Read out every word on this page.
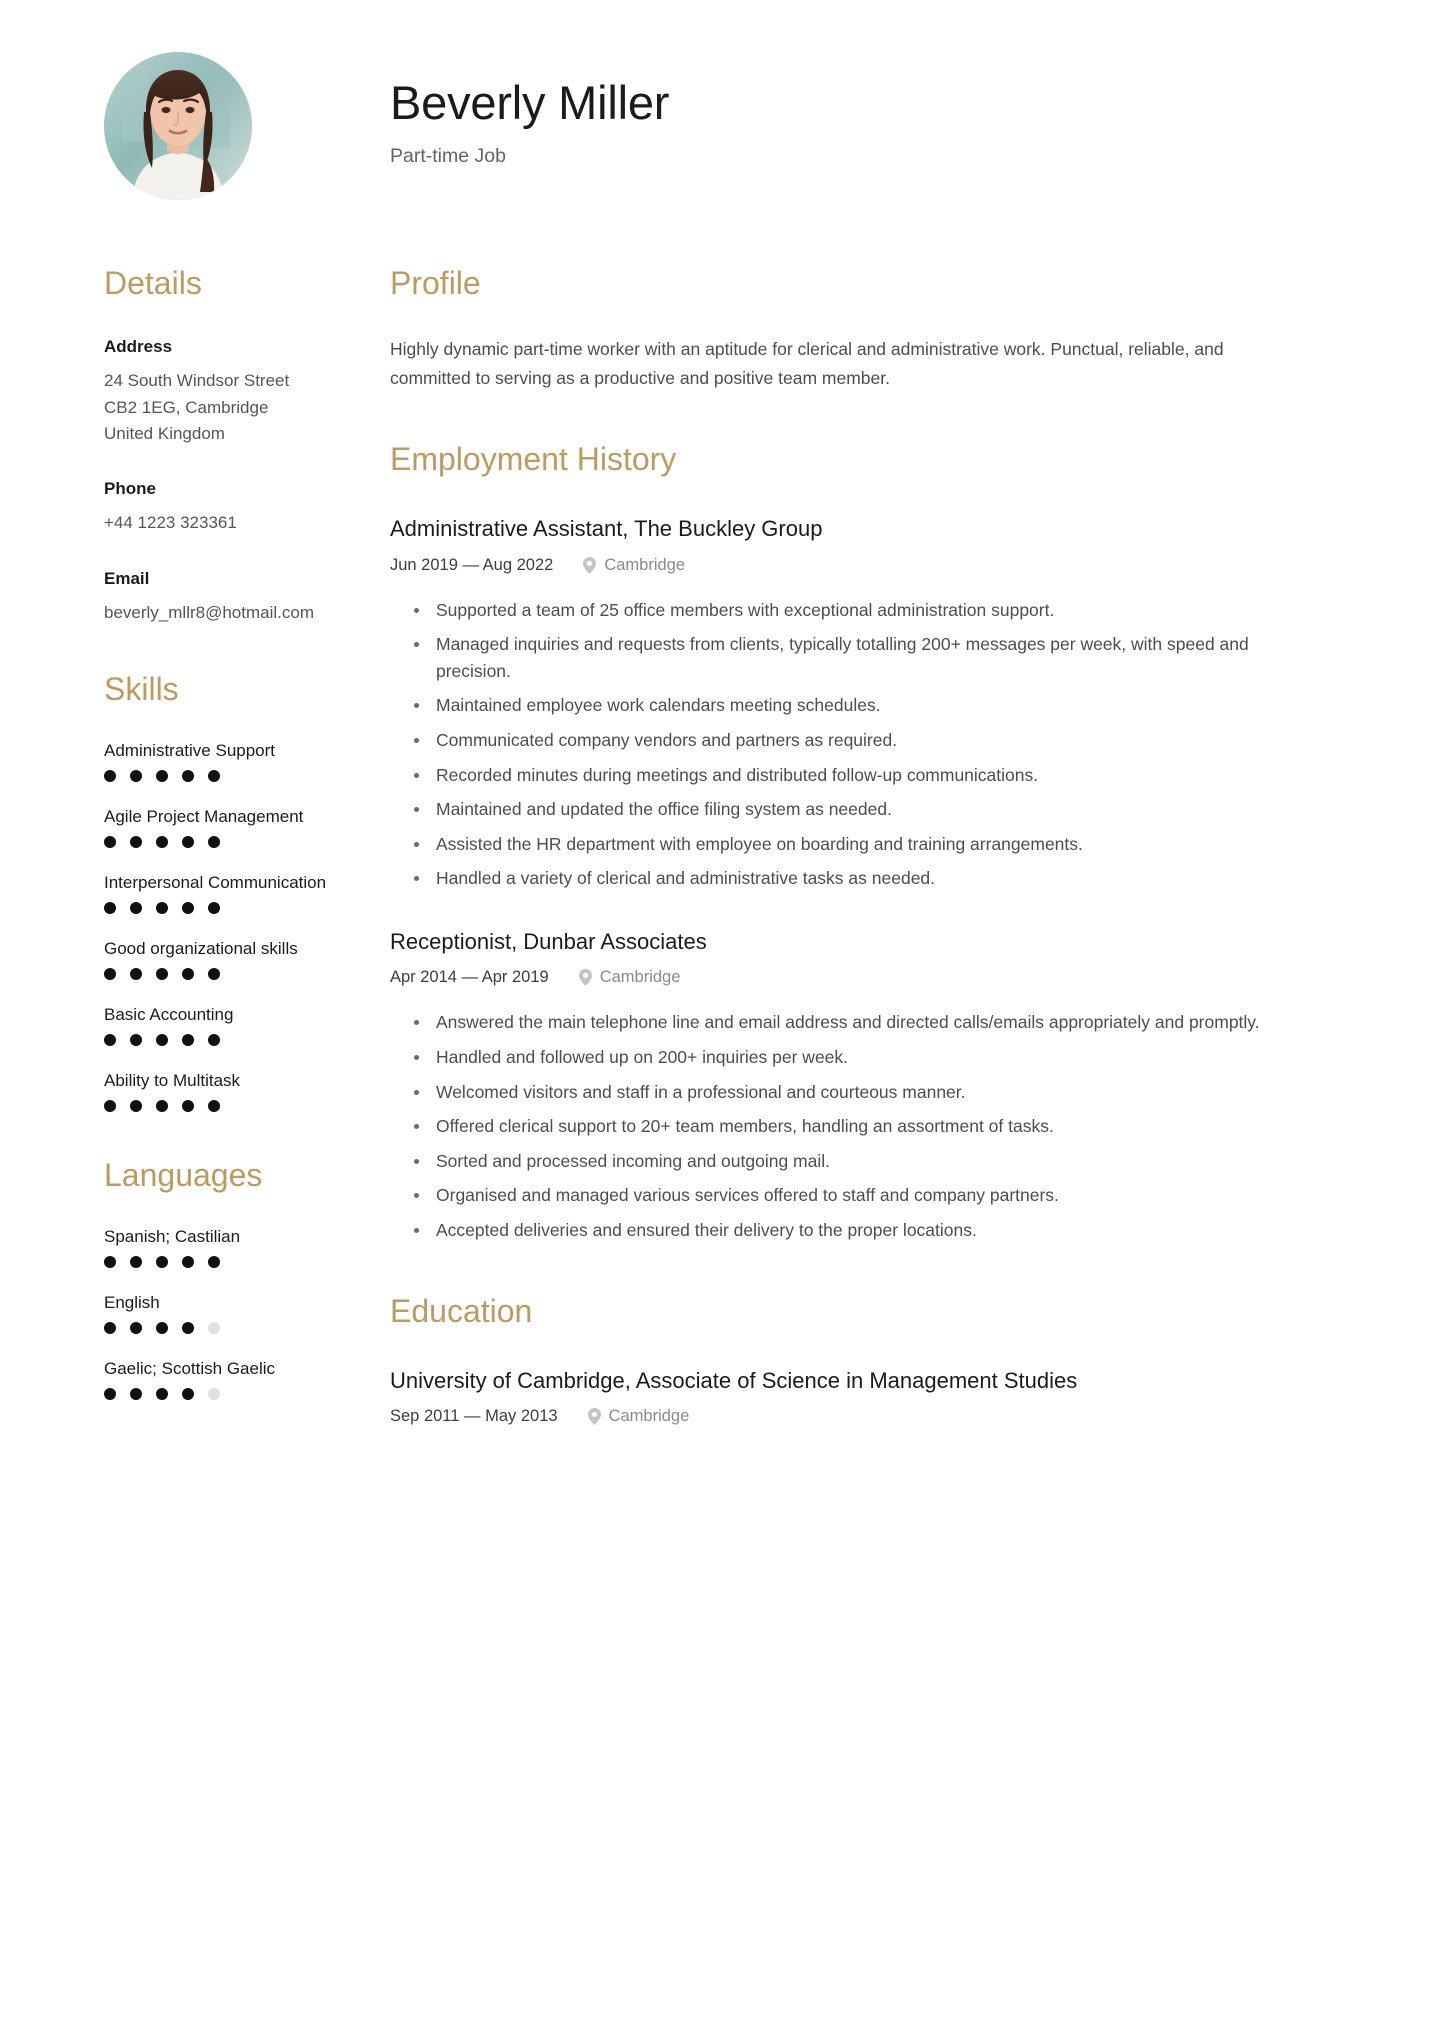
Beverly Miller
Part-time Job
Details
Address
24 South Windsor Street
CB2 1EG, Cambridge
United Kingdom
Phone
+44 1223 323361
Email
beverly_mllr8@hotmail.com
Skills
Administrative Support
Agile Project Management
Interpersonal Communication
Good organizational skills
Basic Accounting
Ability to Multitask
Languages
Spanish; Castilian
English
Gaelic; Scottish Gaelic
Profile

Highly dynamic part-time worker with an aptitude for clerical and administrative work. Punctual, reliable, and committed to serving as a productive and positive team member.

Employment History
Administrative Assistant, The Buckley Group
Jun 2019 — Aug 2022	Cambridge
Supported a team of 25 office members with exceptional administration support.
Managed inquiries and requests from clients, typically totalling 200+ messages per week, with speed and precision.
Maintained employee work calendars meeting schedules.
Communicated company vendors and partners as required.
Recorded minutes during meetings and distributed follow-up communications.
Maintained and updated the office filing system as needed.
Assisted the HR department with employee on boarding and training arrangements.
Handled a variety of clerical and administrative tasks as needed.
Receptionist, Dunbar Associates
Apr 2014 — Apr 2019	Cambridge
Answered the main telephone line and email address and directed calls/emails appropriately and promptly.
Handled and followed up on 200+ inquiries per week.
Welcomed visitors and staff in a professional and courteous manner.
Offered clerical support to 20+ team members, handling an assortment of tasks.
Sorted and processed incoming and outgoing mail.
Organised and managed various services offered to staff and company partners.
Accepted deliveries and ensured their delivery to the proper locations.
Education
University of Cambridge, Associate of Science in Management Studies
Sep 2011 — May 2013	Cambridge
